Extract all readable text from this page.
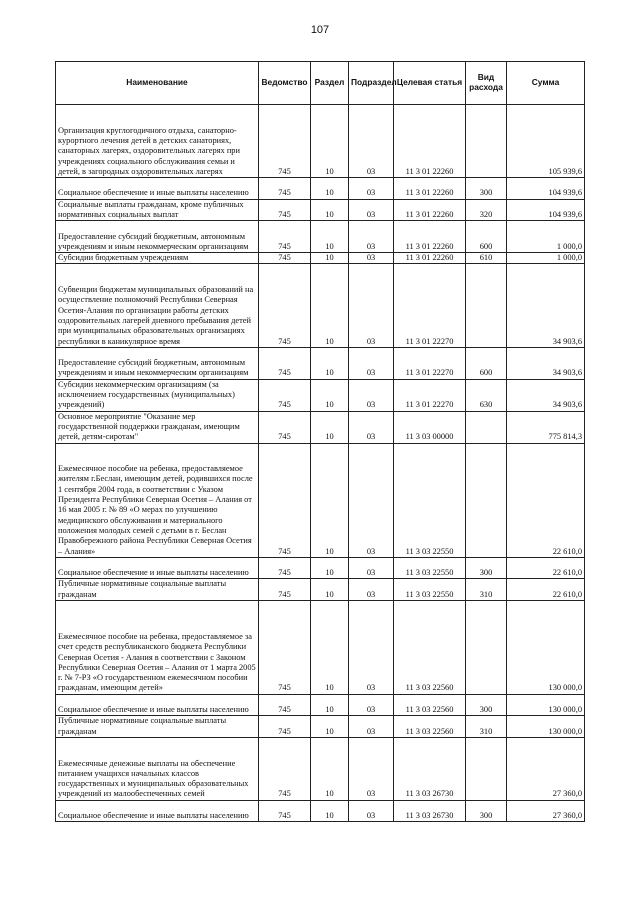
107
Наименование	Ведомство	Раздел	Подраздел	Целевая статья	Вид расхода	Сумма
Организация круглогодичного отдыха, санаторно-курортного лечения детей в детских санаториях, санаторных лагерях, оздоровительных лагерях при учреждениях социального обслуживания семьи и детей, в загородных оздоровительных лагерях	745	10	03	11 3 01 22260		105 939,6
Социальное обеспечение и иные выплаты населению	745	10	03	11 3 01 22260	300	104 939,6
Социальные выплаты гражданам, кроме публичных нормативных социальных выплат	745	10	03	11 3 01 22260	320	104 939,6
Предоставление субсидий бюджетным, автономным учреждениям и иным некоммерческим организациям	745	10	03	11 3 01 22260	600	1 000,0
Субсидии бюджетным учреждениям	745	10	03	11 3 01 22260	610	1 000,0
Субвенции бюджетам муниципальных образований на осуществление полномочий Республики Северная Осетия-Алания по организации работы детских оздоровительных лагерей дневного пребывания детей при муниципальных образовательных организациях республики в каникулярное время	745	10	03	11 3 01 22270		34 903,6
Предоставление субсидий бюджетным, автономным учреждениям и иным некоммерческим организациям	745	10	03	11 3 01 22270	600	34 903,6
Субсидии некоммерческим организациям (за исключением государственных (муниципальных) учреждений)	745	10	03	11 3 01 22270	630	34 903,6
Основное мероприятие "Оказание мер государственной поддержки гражданам, имеющим детей, детям-сиротам"	745	10	03	11 3 03 00000		775 814,3
Ежемесячное пособие на ребенка, предоставляемое жителям г.Беслан, имеющим детей, родившихся после 1 сентября 2004 года, в соответствии с Указом Президента Республики Северная Осетия – Алания от 16 мая 2005 г. № 89 «О мерах по улучшению медицинского обслуживания и материального положения молодых семей с детьми в г. Беслан Правобережного района Республики Северная Осетия – Алания»	745	10	03	11 3 03 22550		22 610,0
Социальное обеспечение и иные выплаты населению	745	10	03	11 3 03 22550	300	22 610,0
Публичные нормативные социальные выплаты гражданам	745	10	03	11 3 03 22550	310	22 610,0
Ежемесячное пособие на ребенка, предоставляемое за счет средств республиканского бюджета Республики Северная Осетия - Алания в соответствии с Законом Республики Северная Осетия – Алания от 1 марта 2005 г. № 7-РЗ «О государственном ежемесячном пособии гражданам, имеющим детей»	745	10	03	11 3 03 22560		130 000,0
Социальное обеспечение и иные выплаты населению	745	10	03	11 3 03 22560	300	130 000,0
Публичные нормативные социальные выплаты гражданам	745	10	03	11 3 03 22560	310	130 000,0
Ежемесячные денежные выплаты на обеспечение питанием учащихся начальных классов государственных и муниципальных образовательных учреждений из малообеспеченных семей	745	10	03	11 3 03 26730		27 360,0
Социальное обеспечение и иные выплаты населению	745	10	03	11 3 03 26730	300	27 360,0
